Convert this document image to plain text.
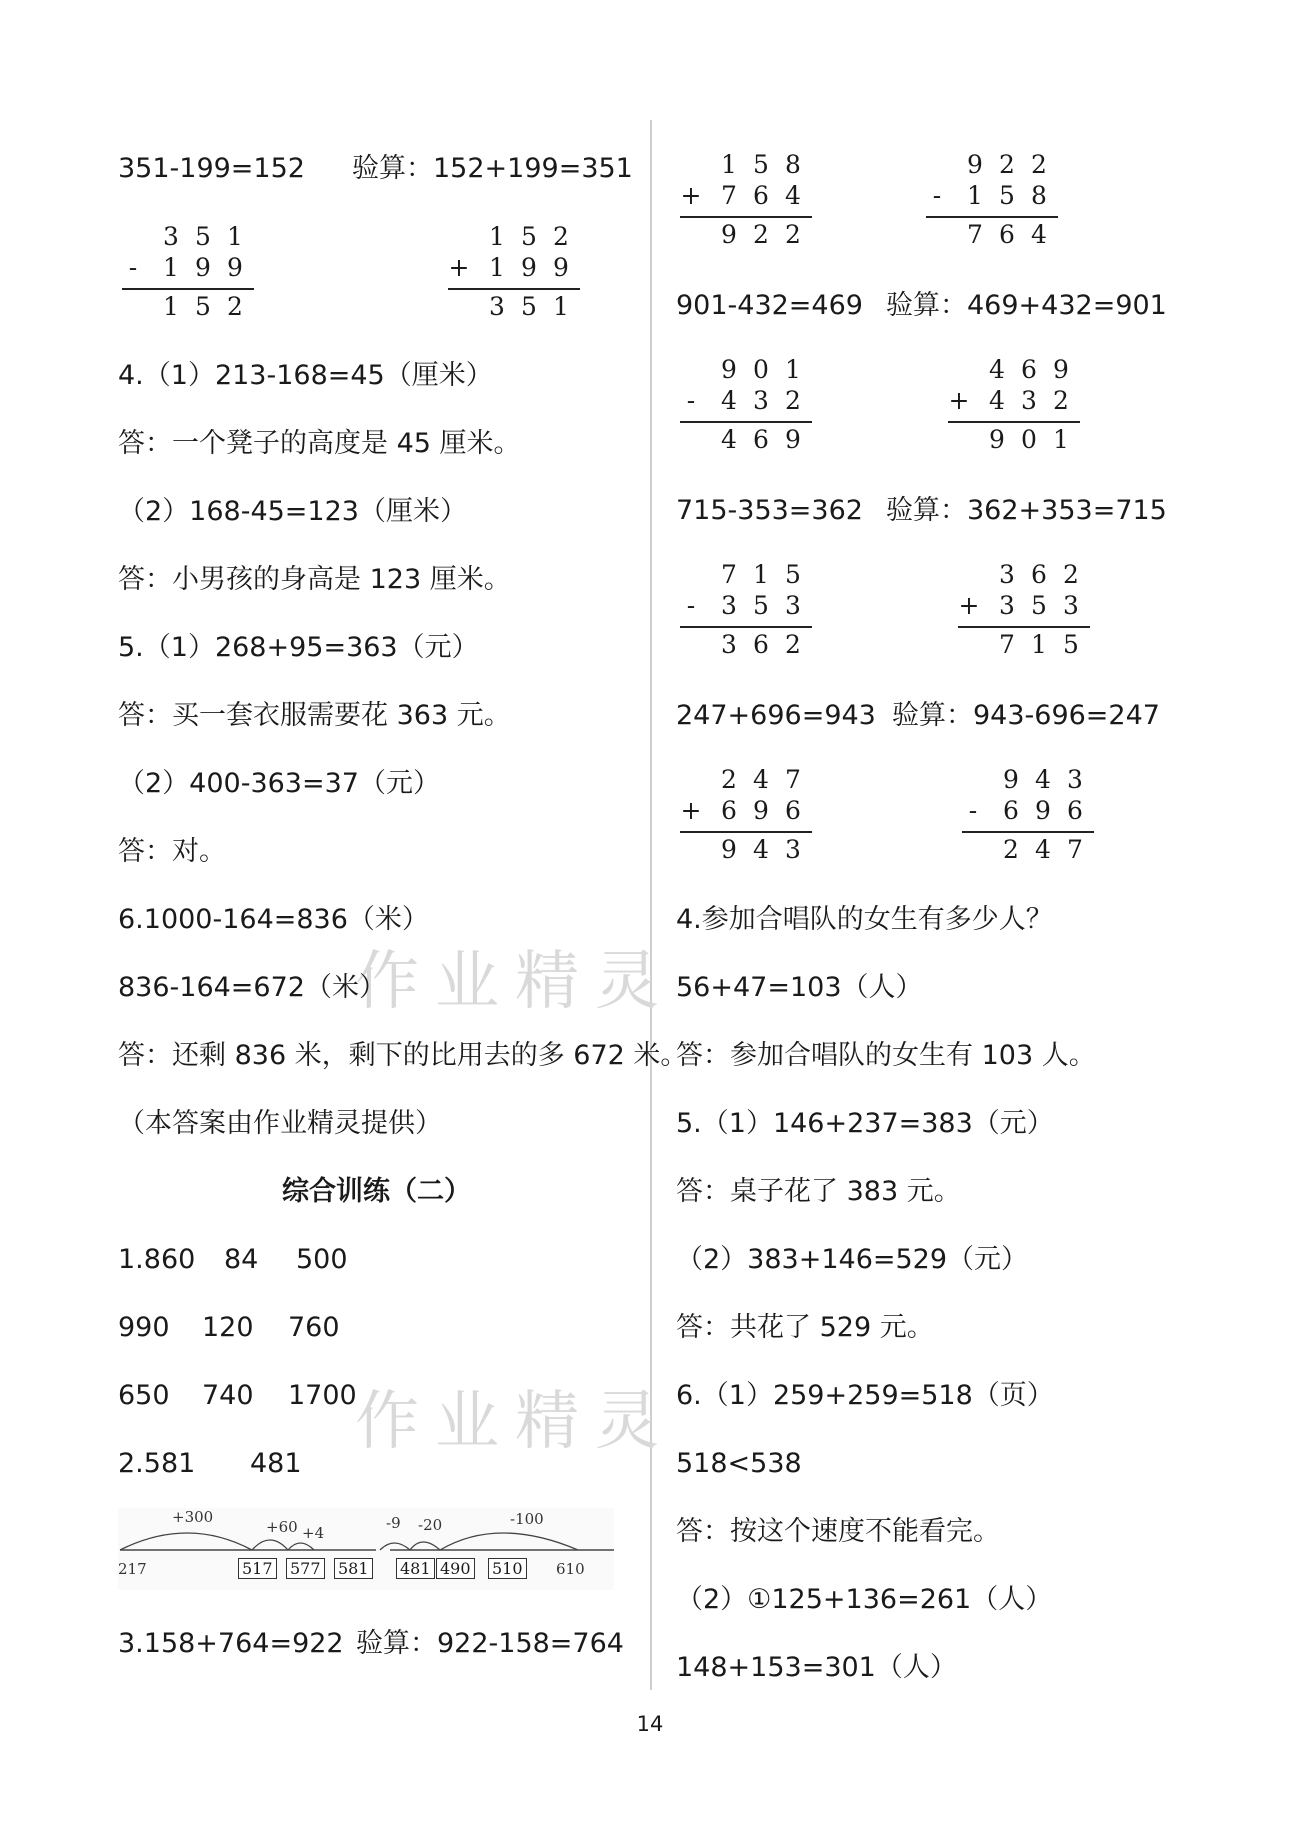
作业精灵
作业精灵
351-199=152 验算：152+199=351
3 5 1
- 1 9 9
1 5 2
1 5 2
+ 1 9 9
3 5 1
4.（1）213-168=45（厘米）
答：一个凳子的高度是 45 厘米。
（2）168-45=123（厘米）
答：小男孩的身高是 123 厘米。
5.（1）268+95=363（元）
答：买一套衣服需要花 363 元。
（2）400-363=37（元）
答：对。
6.1000-164=836（米）
836-164=672（米）
答：还剩 836 米，剩下的比用去的多 672 米。
（本答案由作业精灵提供）
综合训练（二）
1.860 84 500
990 120 760
650 740 1700
2.581 481
217	610
+300
+60 +4
-9 -20	-100
517 577 581 481 490 510
3.158+764=922 验算：922-158=764
1 5 8
+ 7 6 4
9 2 2
9 2 2
- 1 5 8
7 6 4
901-432=469 验算：469+432=901
9 0 1
- 4 3 2
4 6 9
4 6 9
+ 4 3 2
9 0 1
715-353=362 验算：362+353=715
7 1 5
- 3 5 3
3 6 2
3 6 2
+ 3 5 3
7 1 5
247+696=943 验算：943-696=247
2 4 7
+ 6 9 6
9 4 3
9 4 3
- 6 9 6
2 4 7
4.参加合唱队的女生有多少人？
56+47=103（人）
答：参加合唱队的女生有 103 人。
5.（1）146+237=383（元）
答：桌子花了 383 元。
（2）383+146=529（元）
答：共花了 529 元。
6.（1）259+259=518（页）
518<538
答：按这个速度不能看完。
（2）①125+136=261（人）
148+153=301（人）
14
